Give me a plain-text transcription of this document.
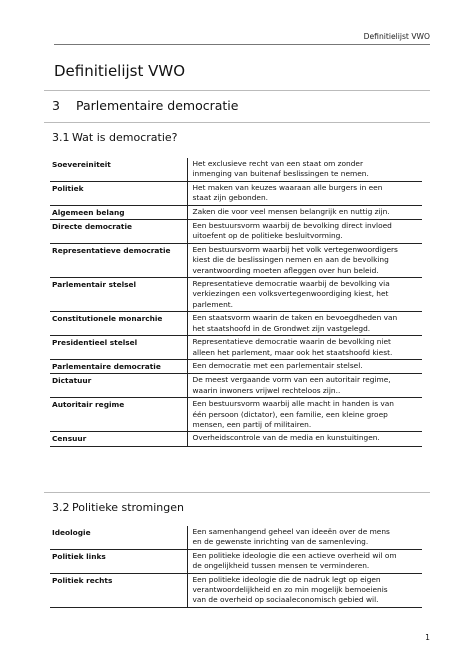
Definitielijst VWO
Definitielijst VWO
3 Parlementaire democratie
3.1 Wat is democratie?
Soevereiniteit	Het exclusieve recht van een staat om zonder
inmenging van buitenaf beslissingen te nemen.

Politiek	Het maken van keuzes waaraan alle burgers in een
staat zijn gebonden.

Algemeen belang	Zaken die voor veel mensen belangrijk en nuttig zijn.

Directe democratie	Een bestuursvorm waarbij de bevolking direct invloed
uitoefent op de politieke besluitvorming.

Representatieve democratie	Een bestuursvorm waarbij het volk vertegenwoordigers
kiest die de beslissingen nemen en aan de bevolking
verantwoording moeten afleggen over hun beleid.

Parlementair stelsel	Representatieve democratie waarbij de bevolking via
verkiezingen een volksvertegenwoordiging kiest, het
parlement.

Constitutionele monarchie	Een staatsvorm waarin de taken en bevoegdheden van
het staatshoofd in de Grondwet zijn vastgelegd.

Presidentieel stelsel	Representatieve democratie waarin de bevolking niet
alleen het parlement, maar ook het staatshoofd kiest.

Parlementaire democratie	Een democratie met een parlementair stelsel.

Dictatuur	De meest vergaande vorm van een autoritair regime,
waarin inwoners vrijwel rechteloos zijn..

Autoritair regime	Een bestuursvorm waarbij alle macht in handen is van
één persoon (dictator), een familie, een kleine groep
mensen, een partij of militairen.

Censuur	Overheidscontrole van de media en kunstuitingen.
3.2 Politieke stromingen
Ideologie	Een samenhangend geheel van ideeën over de mens
en de gewenste inrichting van de samenleving.

Politiek links	Een politieke ideologie die een actieve overheid wil om
de ongelijkheid tussen mensen te verminderen.

Politiek rechts	Een politieke ideologie die de nadruk legt op eigen
verantwoordelijkheid en zo min mogelijk bemoeienis
van de overheid op sociaaleconomisch gebied wil.
1
